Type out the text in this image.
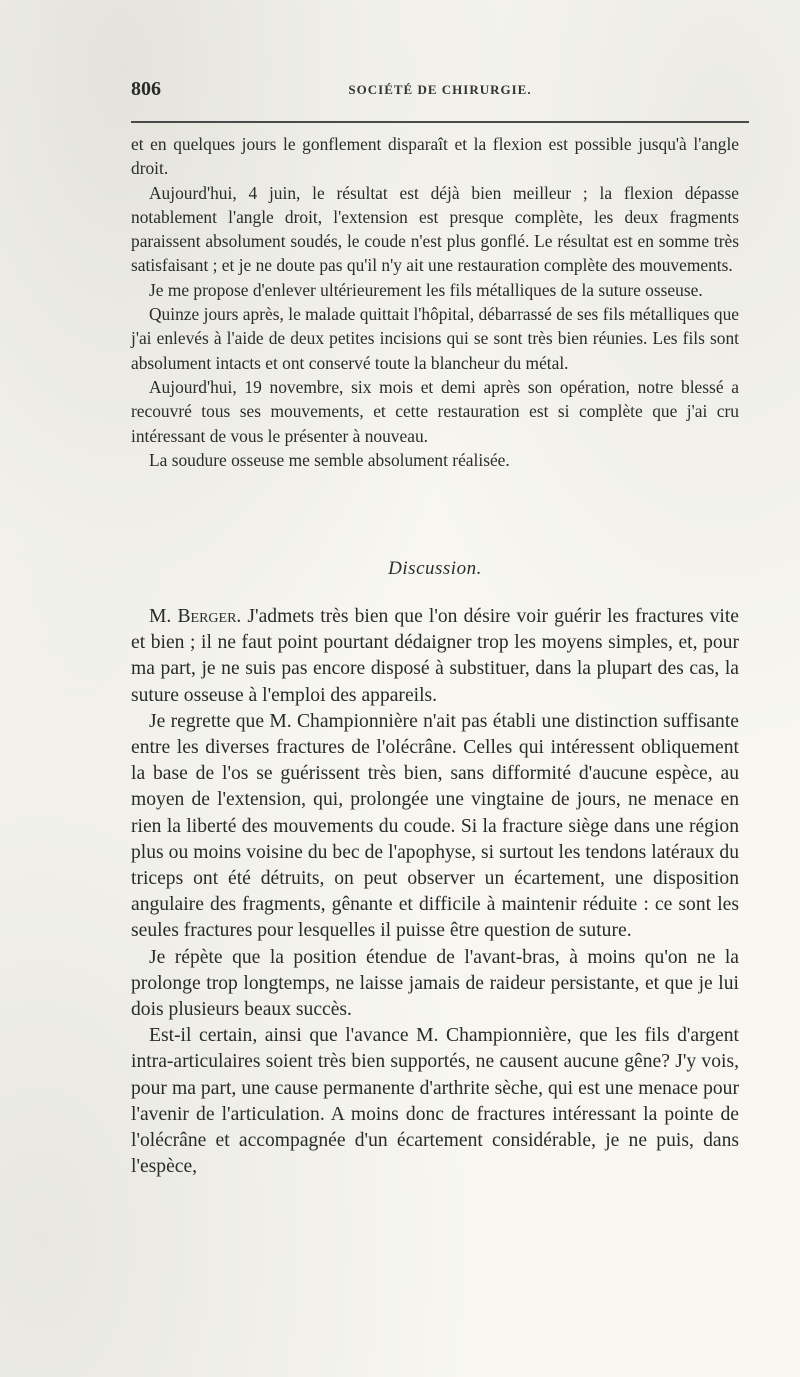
806	SOCIÉTÉ DE CHIRURGIE.

et en quelques jours le gonflement disparaît et la flexion est possible jusqu'à l'angle droit.

Aujourd'hui, 4 juin, le résultat est déjà bien meilleur ; la flexion dépasse notablement l'angle droit, l'extension est presque complète, les deux fragments paraissent absolument soudés, le coude n'est plus gonflé. Le résultat est en somme très satisfaisant ; et je ne doute pas qu'il n'y ait une restauration complète des mouvements.

Je me propose d'enlever ultérieurement les fils métalliques de la suture osseuse.

Quinze jours après, le malade quittait l'hôpital, débarrassé de ses fils métalliques que j'ai enlevés à l'aide de deux petites incisions qui se sont très bien réunies. Les fils sont absolument intacts et ont conservé toute la blancheur du métal.

Aujourd'hui, 19 novembre, six mois et demi après son opération, notre blessé a recouvré tous ses mouvements, et cette restauration est si complète que j'ai cru intéressant de vous le présenter à nouveau.

La soudure osseuse me semble absolument réalisée.

Discussion.

M. Berger. J'admets très bien que l'on désire voir guérir les fractures vite et bien ; il ne faut point pourtant dédaigner trop les moyens simples, et, pour ma part, je ne suis pas encore disposé à substituer, dans la plupart des cas, la suture osseuse à l'emploi des appareils.

Je regrette que M. Championnière n'ait pas établi une distinction suffisante entre les diverses fractures de l'olécrâne. Celles qui intéressent obliquement la base de l'os se guérissent très bien, sans difformité d'aucune espèce, au moyen de l'extension, qui, prolongée une vingtaine de jours, ne menace en rien la liberté des mouvements du coude. Si la fracture siège dans une région plus ou moins voisine du bec de l'apophyse, si surtout les tendons latéraux du triceps ont été détruits, on peut observer un écartement, une disposition angulaire des fragments, gênante et difficile à maintenir réduite : ce sont les seules fractures pour lesquelles il puisse être question de suture.

Je répète que la position étendue de l'avant-bras, à moins qu'on ne la prolonge trop longtemps, ne laisse jamais de raideur persistante, et que je lui dois plusieurs beaux succès.

Est-il certain, ainsi que l'avance M. Championnière, que les fils d'argent intra-articulaires soient très bien supportés, ne causent aucune gêne? J'y vois, pour ma part, une cause permanente d'arthrite sèche, qui est une menace pour l'avenir de l'articulation. A moins donc de fractures intéressant la pointe de l'olécrâne et accompagnée d'un écartement considérable, je ne puis, dans l'espèce,
